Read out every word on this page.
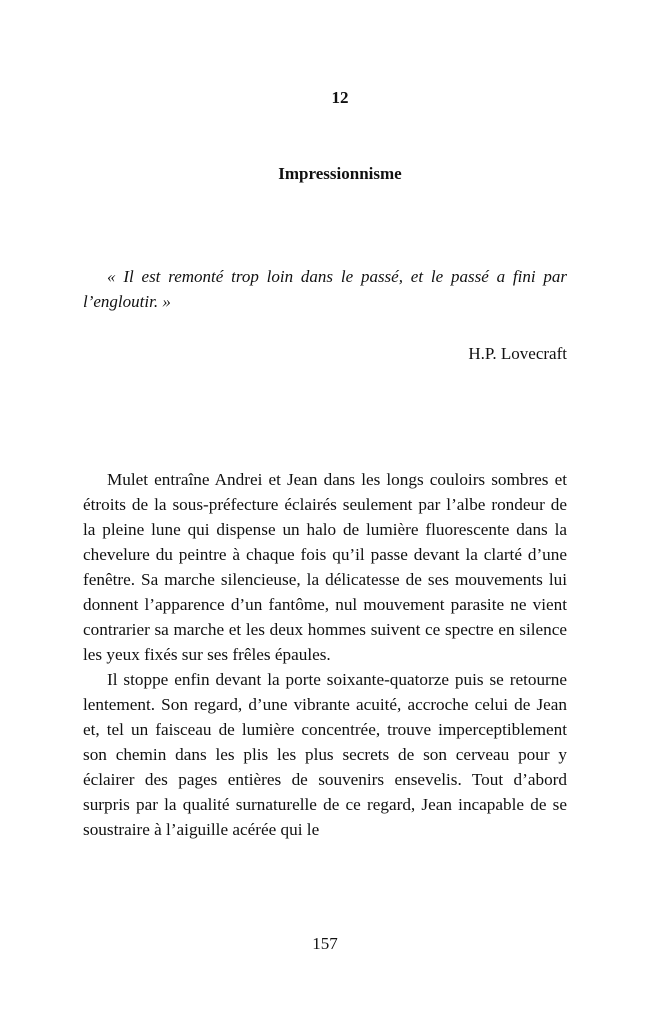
12
Impressionnisme

« Il est remonté trop loin dans le passé, et le passé a fini par l’engloutir. »

H.P. Lovecraft

Mulet entraîne Andrei et Jean dans les longs couloirs sombres et étroits de la sous-préfecture éclairés seulement par l’albe rondeur de la pleine lune qui dispense un halo de lumière fluorescente dans la chevelure du peintre à chaque fois qu’il passe devant la clarté d’une fenêtre. Sa marche silencieuse, la délicatesse de ses mouvements lui donnent l’apparence d’un fantôme, nul mouvement parasite ne vient contrarier sa marche et les deux hommes suivent ce spectre en silence les yeux fixés sur ses frêles épaules.

Il stoppe enfin devant la porte soixante-quatorze puis se retourne lentement. Son regard, d’une vibrante acuité, accroche celui de Jean et, tel un faisceau de lumière concentrée, trouve imperceptiblement son chemin dans les plis les plus secrets de son cerveau pour y éclairer des pages entières de souvenirs ensevelis. Tout d’abord surpris par la qualité surnaturelle de ce regard, Jean incapable de se soustraire à l’aiguille acérée qui le

157
